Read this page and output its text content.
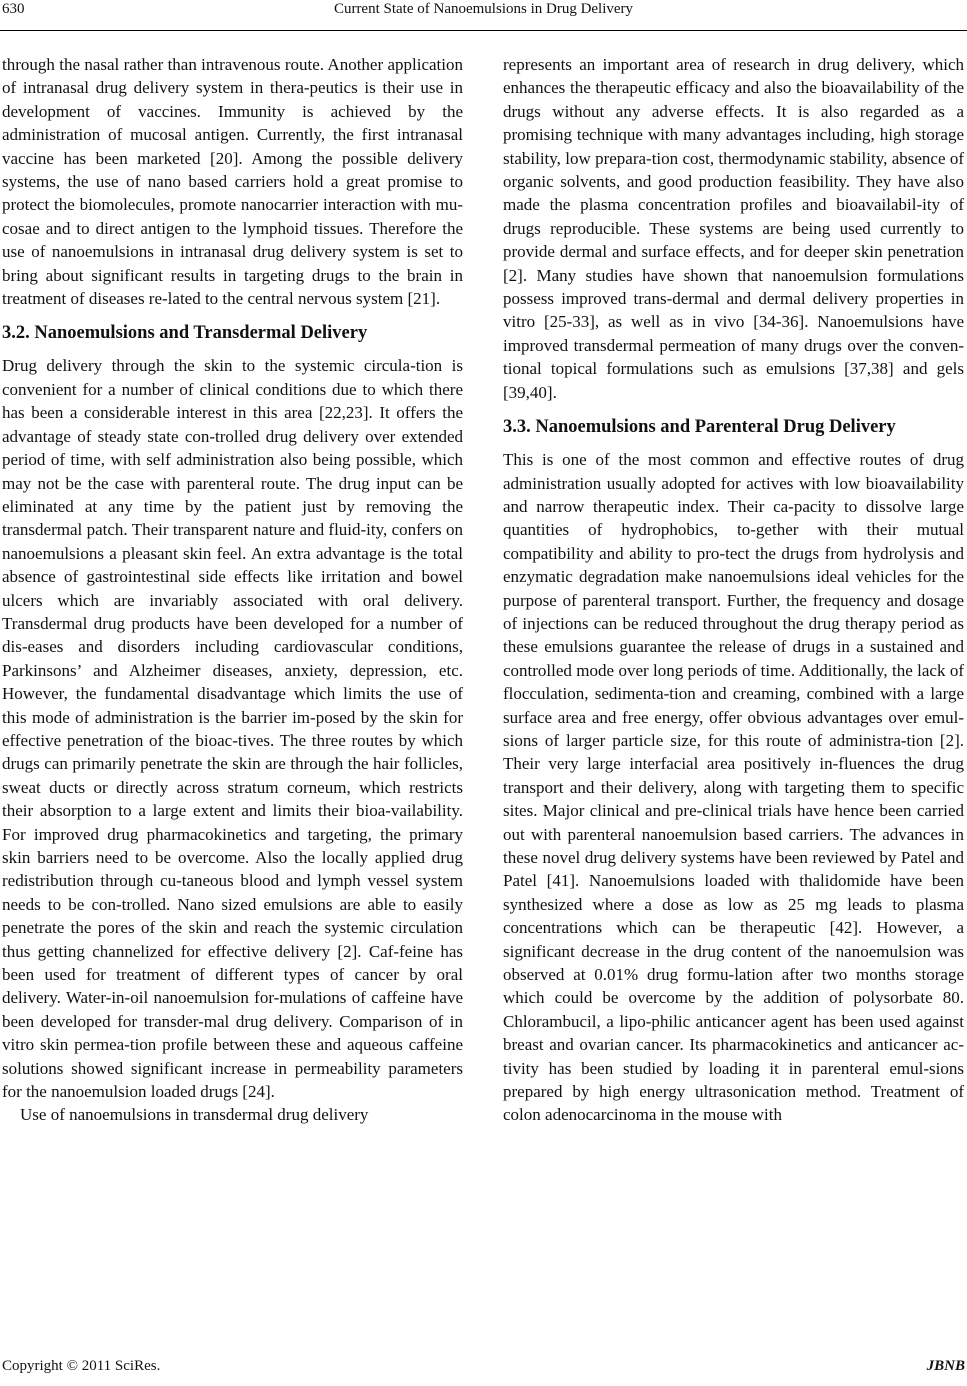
630	Current State of Nanoemulsions in Drug Delivery

through the nasal rather than intravenous route. Another application of intranasal drug delivery system in thera-peutics is their use in development of vaccines. Immunity is achieved by the administration of mucosal antigen. Currently, the first intranasal vaccine has been marketed [20]. Among the possible delivery systems, the use of nano based carriers hold a great promise to protect the biomolecules, promote nanocarrier interaction with mu-cosae and to direct antigen to the lymphoid tissues. Therefore the use of nanoemulsions in intranasal drug delivery system is set to bring about significant results in targeting drugs to the brain in treatment of diseases re-lated to the central nervous system [21].

3.2. Nanoemulsions and Transdermal Delivery

Drug delivery through the skin to the systemic circula-tion is convenient for a number of clinical conditions due to which there has been a considerable interest in this area [22,23]. It offers the advantage of steady state con-trolled drug delivery over extended period of time, with self administration also being possible, which may not be the case with parenteral route. The drug input can be eliminated at any time by the patient just by removing the transdermal patch. Their transparent nature and fluid-ity, confers on nanoemulsions a pleasant skin feel. An extra advantage is the total absence of gastrointestinal side effects like irritation and bowel ulcers which are invariably associated with oral delivery. Transdermal drug products have been developed for a number of dis-eases and disorders including cardiovascular conditions, Parkinsons’ and Alzheimer diseases, anxiety, depression, etc. However, the fundamental disadvantage which limits the use of this mode of administration is the barrier im-posed by the skin for effective penetration of the bioac-tives. The three routes by which drugs can primarily penetrate the skin are through the hair follicles, sweat ducts or directly across stratum corneum, which restricts their absorption to a large extent and limits their bioa-vailability. For improved drug pharmacokinetics and targeting, the primary skin barriers need to be overcome. Also the locally applied drug redistribution through cu-taneous blood and lymph vessel system needs to be con-trolled. Nano sized emulsions are able to easily penetrate the pores of the skin and reach the systemic circulation thus getting channelized for effective delivery [2]. Caf-feine has been used for treatment of different types of cancer by oral delivery. Water-in-oil nanoemulsion for-mulations of caffeine have been developed for transder-mal drug delivery. Comparison of in vitro skin permea-tion profile between these and aqueous caffeine solutions showed significant increase in permeability parameters for the nanoemulsion loaded drugs [24].

Use of nanoemulsions in transdermal drug delivery

represents an important area of research in drug delivery, which enhances the therapeutic efficacy and also the bioavailability of the drugs without any adverse effects. It is also regarded as a promising technique with many advantages including, high storage stability, low prepara-tion cost, thermodynamic stability, absence of organic solvents, and good production feasibility. They have also made the plasma concentration profiles and bioavailabil-ity of drugs reproducible. These systems are being used currently to provide dermal and surface effects, and for deeper skin penetration [2]. Many studies have shown that nanoemulsion formulations possess improved trans-dermal and dermal delivery properties in vitro [25-33], as well as in vivo [34-36]. Nanoemulsions have improved transdermal permeation of many drugs over the conven-tional topical formulations such as emulsions [37,38] and gels [39,40].

3.3. Nanoemulsions and Parenteral Drug Delivery

This is one of the most common and effective routes of drug administration usually adopted for actives with low bioavailability and narrow therapeutic index. Their ca-pacity to dissolve large quantities of hydrophobics, to-gether with their mutual compatibility and ability to pro-tect the drugs from hydrolysis and enzymatic degradation make nanoemulsions ideal vehicles for the purpose of parenteral transport. Further, the frequency and dosage of injections can be reduced throughout the drug therapy period as these emulsions guarantee the release of drugs in a sustained and controlled mode over long periods of time. Additionally, the lack of flocculation, sedimenta-tion and creaming, combined with a large surface area and free energy, offer obvious advantages over emul-sions of larger particle size, for this route of administra-tion [2]. Their very large interfacial area positively in-fluences the drug transport and their delivery, along with targeting them to specific sites. Major clinical and pre-clinical trials have hence been carried out with parenteral nanoemulsion based carriers. The advances in these novel drug delivery systems have been reviewed by Patel and Patel [41]. Nanoemulsions loaded with thalidomide have been synthesized where a dose as low as 25 mg leads to plasma concentrations which can be therapeutic [42]. However, a significant decrease in the drug content of the nanoemulsion was observed at 0.01% drug formu-lation after two months storage which could be overcome by the addition of polysorbate 80. Chlorambucil, a lipo-philic anticancer agent has been used against breast and ovarian cancer. Its pharmacokinetics and anticancer ac-tivity has been studied by loading it in parenteral emul-sions prepared by high energy ultrasonication method. Treatment of colon adenocarcinoma in the mouse with

Copyright © 2011 SciRes.	JBNB
